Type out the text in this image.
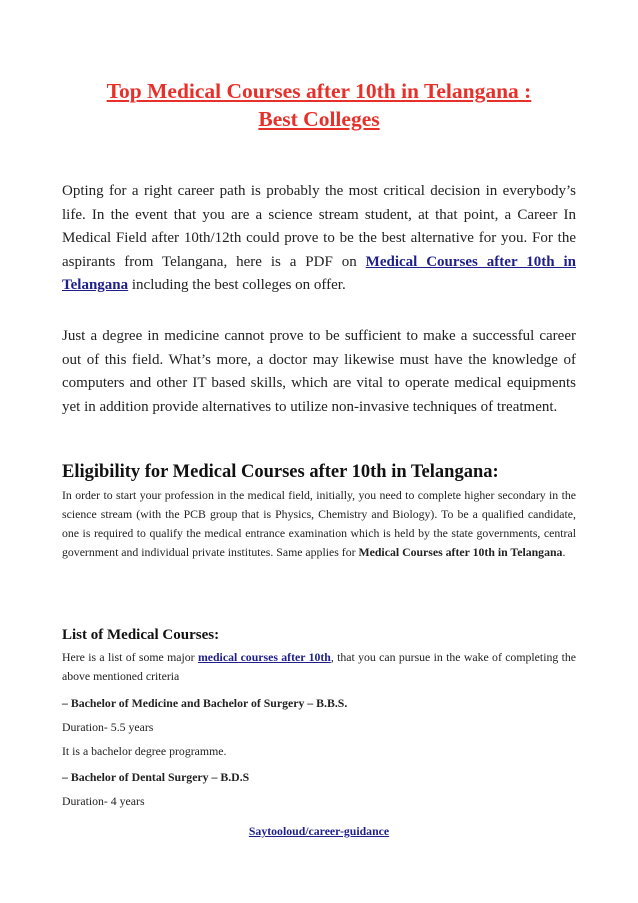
Top Medical Courses after 10th in Telangana :
Best Colleges
Opting for a right career path is probably the most critical decision in everybody’s life. In the event that you are a science stream student, at that point, a Career In Medical Field after 10th/12th could prove to be the best alternative for you. For the aspirants from Telangana, here is a PDF on Medical Courses after 10th in Telangana including the best colleges on offer.
Just a degree in medicine cannot prove to be sufficient to make a successful career out of this field. What’s more, a doctor may likewise must have the knowledge of computers and other IT based skills, which are vital to operate medical equipments yet in addition provide alternatives to utilize non-invasive techniques of treatment.
Eligibility for Medical Courses after 10th in Telangana:
In order to start your profession in the medical field, initially, you need to complete higher secondary in the science stream (with the PCB group that is Physics, Chemistry and Biology). To be a qualified candidate, one is required to qualify the medical entrance examination which is held by the state governments, central government and individual private institutes. Same applies for Medical Courses after 10th in Telangana.
List of Medical Courses:
Here is a list of some major medical courses after 10th, that you can pursue in the wake of completing the above mentioned criteria
– Bachelor of Medicine and Bachelor of Surgery – B.B.S.
Duration- 5.5 years
It is a bachelor degree programme.
– Bachelor of Dental Surgery – B.D.S
Duration- 4 years
Saytooloud/career-guidance
